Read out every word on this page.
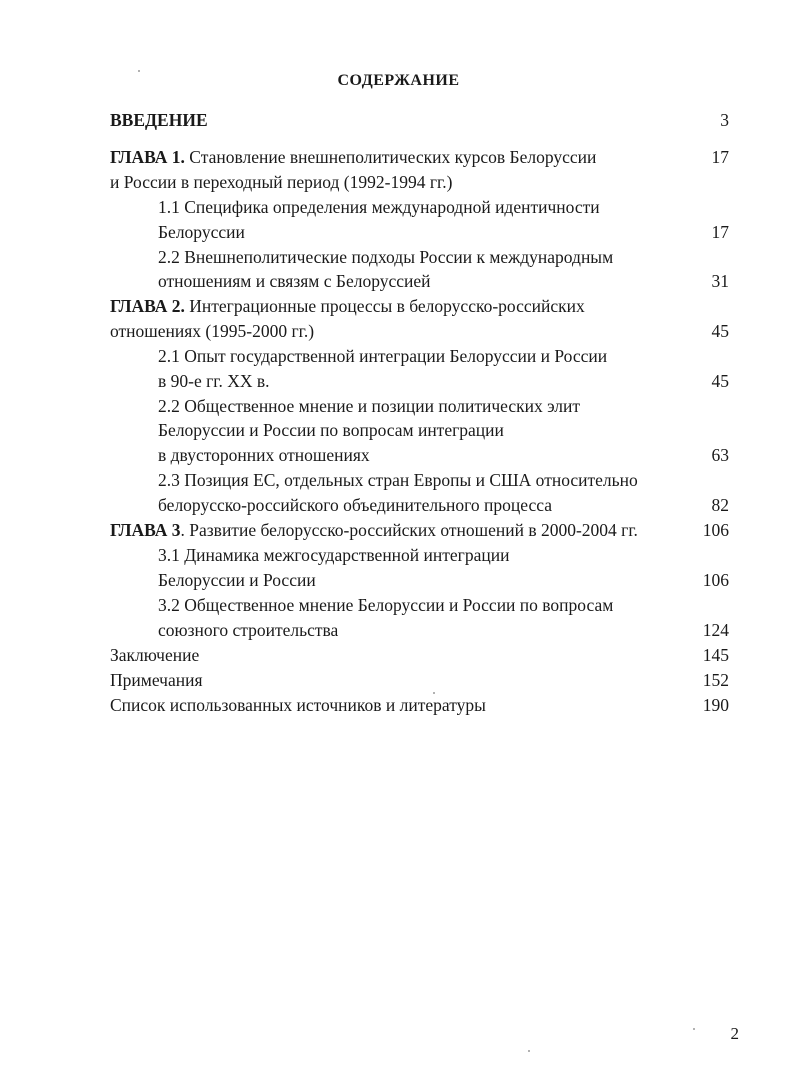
СОДЕРЖАНИЕ
ВВЕДЕНИЕ	3
ГЛАВА 1. Становление внешнеполитических курсов Белоруссии	17
и России в переходный период (1992-1994 гг.)
1.1 Специфика определения международной идентичности
Белоруссии	17
2.2 Внешнеполитические подходы России к международным
отношениям и связям с Белоруссией	31
ГЛАВА 2. Интеграционные процессы в белорусско-российских
отношениях (1995-2000 гг.)	45
2.1 Опыт государственной интеграции Белоруссии и России
в 90-е гг. XX в.	45
2.2 Общественное мнение и позиции политических элит
Белоруссии и России по вопросам интеграции
в двусторонних отношениях	63
2.3 Позиция ЕС, отдельных стран Европы и США относительно
белорусско-российского объединительного процесса	82
ГЛАВА 3. Развитие белорусско-российских отношений в 2000-2004 гг.	106
3.1 Динамика межгосударственной интеграции
Белоруссии и России	106
3.2 Общественное мнение Белоруссии и России по вопросам
союзного строительства	124
Заключение	145
Примечания	152
Список использованных источников и литературы	190
2
